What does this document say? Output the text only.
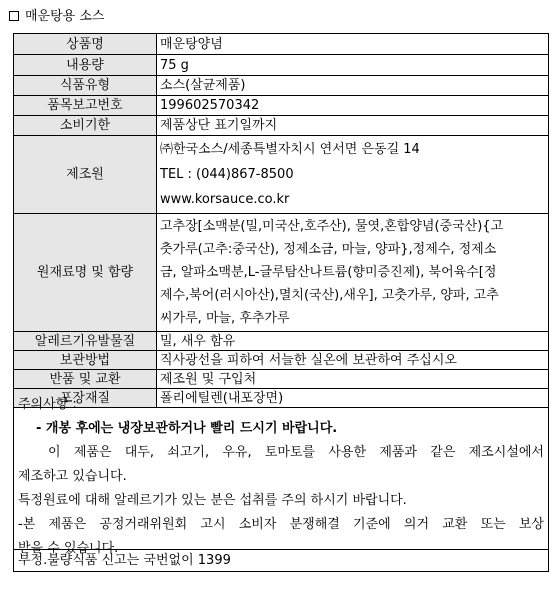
매운탕용 소스
상품명	매운탕양념
내용량	75 g
식품유형	소스(살균제품)
품목보고번호	199602570342
소비기한	제품상단 표기일까지
제조원	㈜한국소스/세종특별자치시 연서면 은동길 14
TEL : (044)867-8500
www.korsauce.co.kr

원재료명 및 함량	고추장[소맥분(밀,미국산,호주산), 물엿,혼합양념(중국산){고
춧가루(고추:중국산), 정제소금, 마늘, 양파},정제수, 정제소
금, 알파소맥분,L-글루탐산나트륨(향미증진제), 북어육수[정
제수,북어(러시아산),멸치(국산),새우], 고춧가루, 양파, 고추
씨가루, 마늘, 후추가루

알레르기유발물질	밀, 새우 함유
보관방법	직사광선을 피하여 서늘한 실온에 보관하여 주십시오
반품 및 교환	제조원 및 구입처
포장재질	폴리에틸렌(내포장면)
주의사항 :
- 개봉 후에는 냉장보관하거나 빨리 드시기 바랍니다.
이 제품은 대두, 쇠고기, 우유, 토마토를 사용한 제품과 같은 제조시설에서
제조하고 있습니다.
특정원료에 대해 알레르기가 있는 분은 섭취를 주의 하시기 바랍니다.
-본 제품은 공정거래위원회 고시 소비자 분쟁해결 기준에 의거 교환 또는 보상
받을 수 있습니다.
부정.불량식품 신고는 국번없이 1399
